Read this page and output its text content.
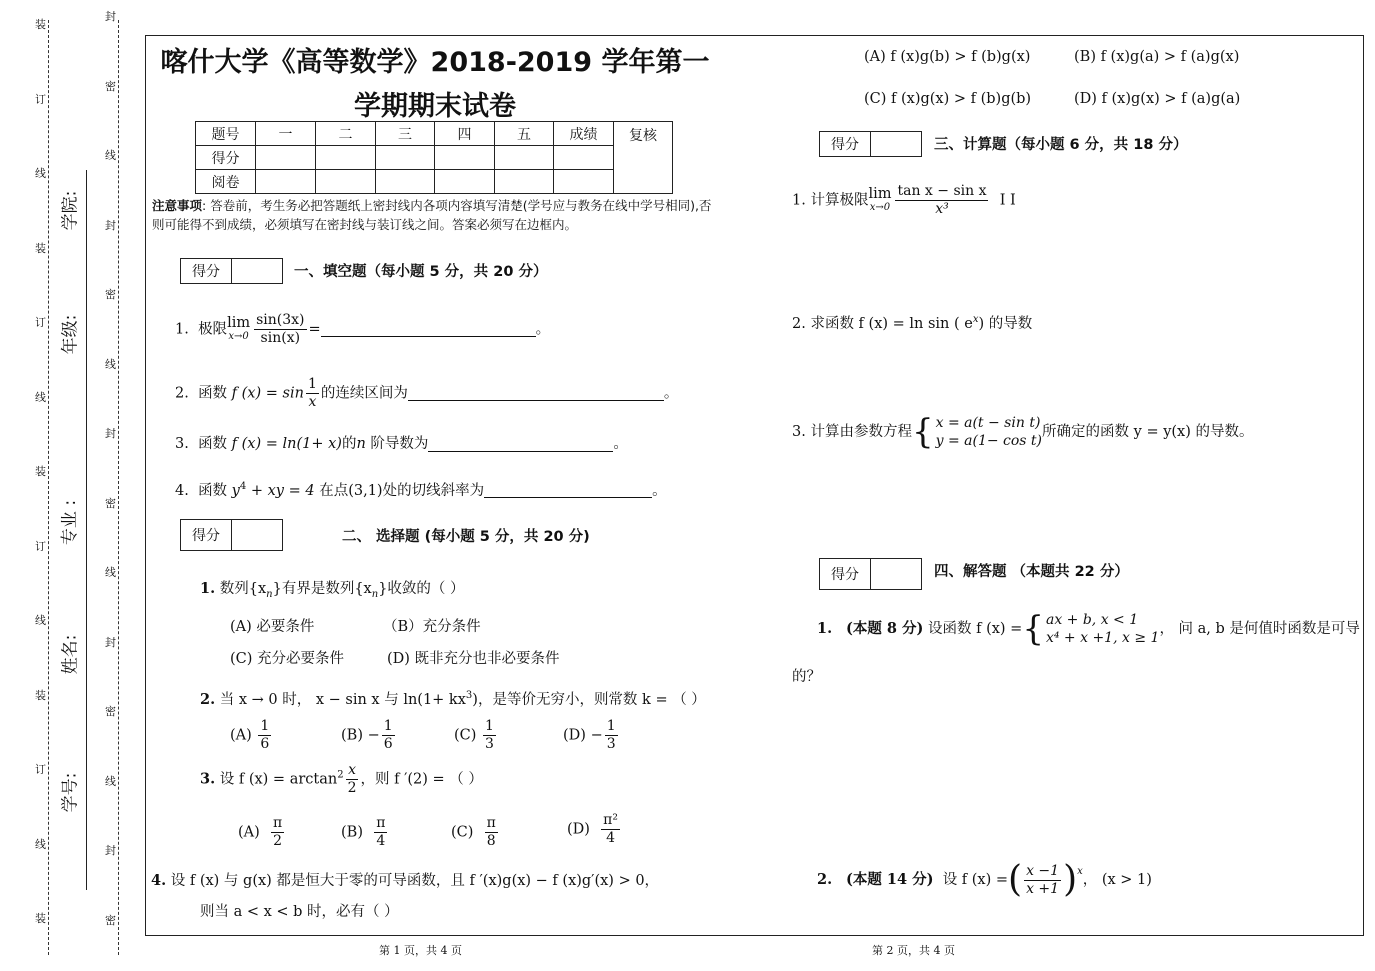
装
订
线
装
订
线
装
订
线
装
订
线
装
封
密
线
封
密
线
封
密
线
封
密
线
封
密
学院:
年级:
专业 :
姓名:
学号:
喀什大学《高等数学》2018-2019 学年第一
学期期末试卷
题号	一	二	三	四	五	成绩	复核
得分							
阅卷							
注意事项: 答卷前，考生务必把答题纸上密封线内各项内容填写清楚(学号应与教务在线中学号相同),否则可能得不到成绩，必须填写在密封线与装订线之间。答案必须写在边框内。
得分	一、填空题（每小题 5 分，共 20 分）
1. 极限 lim
$x\to 0 \frac{\sin(3x)}{\sin(x)}$ =	。
2. 函数 f $(x) = \sin \frac{1}{x}$ 的连续区间为	。
3. 函数 f (x) = ln(1+ x)的n 阶导数为	。
4. 函数 $y^4$ + xy = 4 在点(3,1)处的切线斜率为	。
得分	二、 选择题 (每小题 5 分，共 20 分)
1. 数列$\{x_n\}$有界是数列$\{x_n\}$收敛的（ ）
(A) 必要条件	（B）充分条件
(C) 充分必要条件	(D) 既非充分也非必要条件
2. 当 x → 0 时， x − sin x 与 $\ln(1+ kx^3)$，是等价无穷小，则常数 k = （ ）
$(A) \frac{1}{6}$	$(B) - \frac{1}{6}$	$(C) \frac{1}{3}$	$(D) - \frac{1}{3}$
3. 设 f $(x) = \arctan^2 \frac{x}{2}$ ，则 f ′(2) = （ ）
$(A) \frac{\pi}{2}$	$(B) \frac{\pi}{4}$	$(C) \frac{\pi}{8}$	$(D) \frac{\text{π²}}{4}$
4. 设 f (x) 与 g(x) 都是恒大于零的可导函数，且 f ′(x)g(x) − f (x)g′(x) > 0，
则当 a < x < b 时，必有（ ）
(A) f (x)g(b) > f (b)g(x)	(B) f (x)g(a) > f (a)g(x)
(C) f (x)g(x) > f (b)g(b)	(D) f (x)g(x) > f (a)g(a)
得分	三、计算题（每小题 6 分，共 18 分）
1. 计算极限 lim
$x\to 0 \frac{\text{tan x − sin x}}{\text{x³}}$ I I
2. 求函数 f (x) = ln sin ( $e^x$) 的导数
3. 计算由参数方程 { x = a(t − sin t)
y = a(1− cos t)
所确定的函数 y = y(x) 的导数。
得分	四、解答题 （本题共 22 分）
1. (本题 8 分) 设函数 f (x) = { ax + b, x < 1
x⁴ + x +1, x ≥ 1
， 问 a, b 是何值时函数是可导
的？
2. (本题 14 分) 设 f (x) = ( $\frac{x -1}{x +1} )^x$
， (x > 1)
第 1 页，共 4 页	第 2 页，共 4 页
